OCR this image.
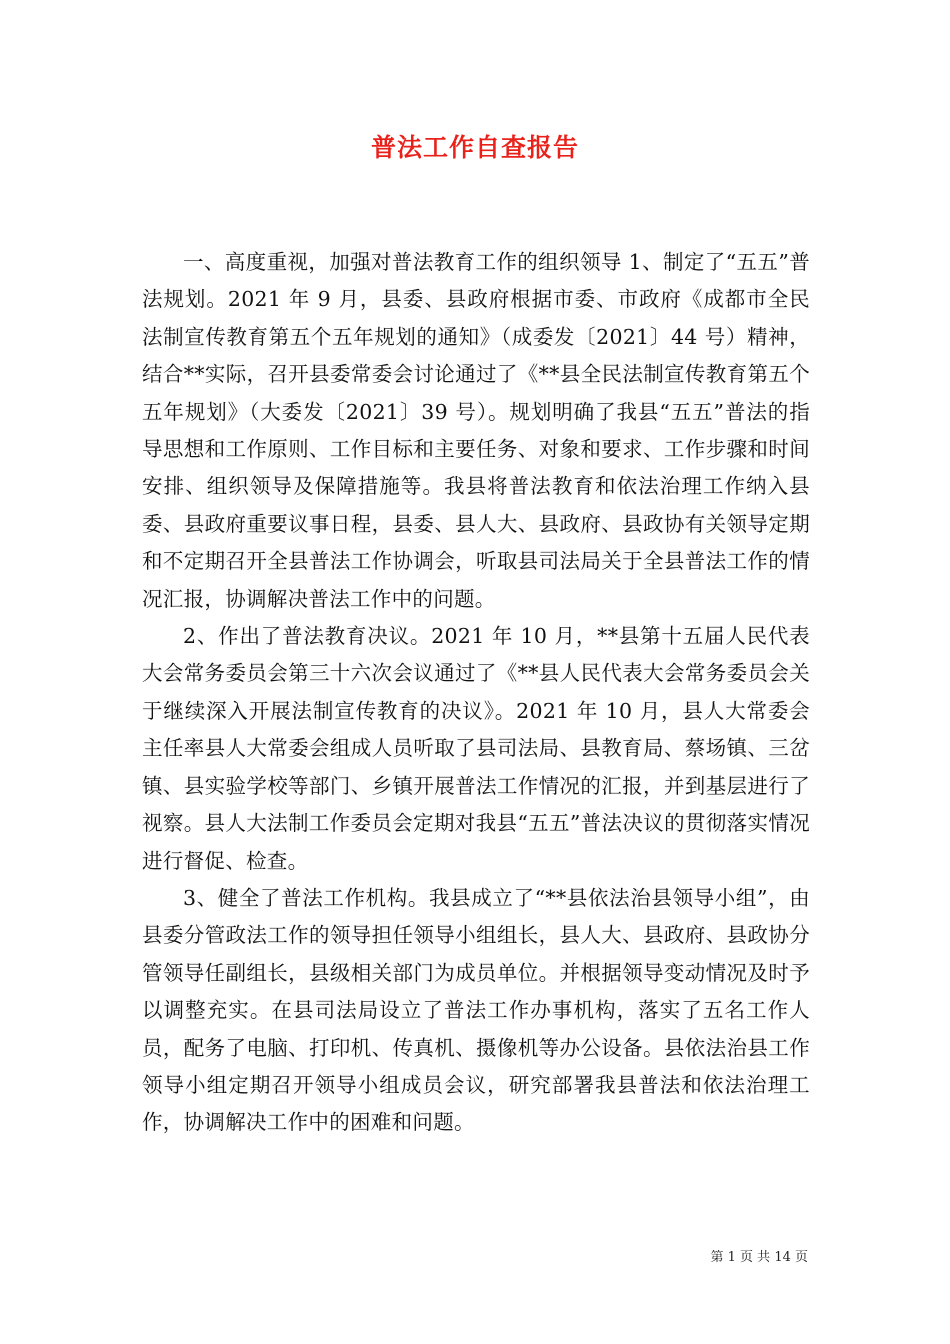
普法工作自查报告

一、高度重视，加强对普法教育工作的组织领导 1、制定了“五五”普法规划。2021 年 9 月，县委、县政府根据市委、市政府《成都市全民法制宣传教育第五个五年规划的通知》（成委发〔2021〕44 号）精神，结合**实际，召开县委常委会讨论通过了《**县全民法制宣传教育第五个五年规划》（大委发〔2021〕39 号）。规划明确了我县“五五”普法的指导思想和工作原则、工作目标和主要任务、对象和要求、工作步骤和时间安排、组织领导及保障措施等。我县将普法教育和依法治理工作纳入县委、县政府重要议事日程，县委、县人大、县政府、县政协有关领导定期和不定期召开全县普法工作协调会，听取县司法局关于全县普法工作的情况汇报，协调解决普法工作中的问题。

2、作出了普法教育决议。2021 年 10 月，**县第十五届人民代表大会常务委员会第三十六次会议通过了《**县人民代表大会常务委员会关于继续深入开展法制宣传教育的决议》。2021 年 10 月，县人大常委会主任率县人大常委会组成人员听取了县司法局、县教育局、蔡场镇、三岔镇、县实验学校等部门、乡镇开展普法工作情况的汇报，并到基层进行了视察。县人大法制工作委员会定期对我县“五五”普法决议的贯彻落实情况进行督促、检查。

3、健全了普法工作机构。我县成立了“**县依法治县领导小组”，由县委分管政法工作的领导担任领导小组组长，县人大、县政府、县政协分管领导任副组长，县级相关部门为成员单位。并根据领导变动情况及时予以调整充实。在县司法局设立了普法工作办事机构，落实了五名工作人员，配务了电脑、打印机、传真机、摄像机等办公设备。县依法治县工作领导小组定期召开领导小组成员会议，研究部署我县普法和依法治理工作，协调解决工作中的困难和问题。

第 1 页 共 14 页
